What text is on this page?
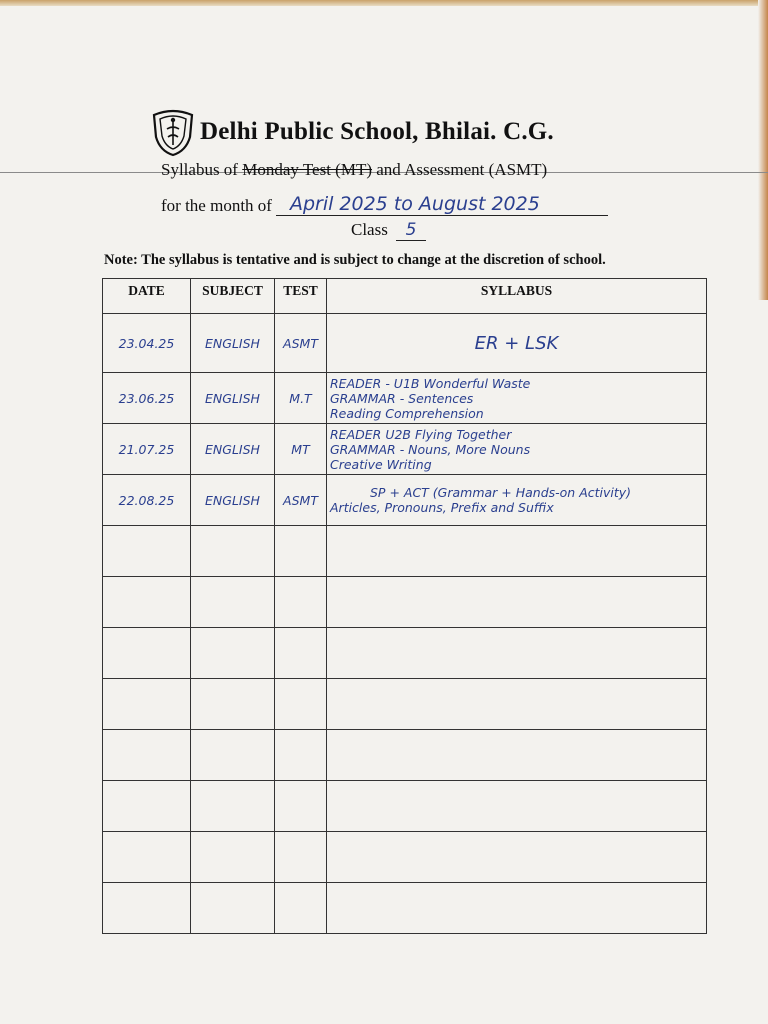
Delhi Public School, Bhilai. C.G.
Syllabus of Monday Test (MT) and Assessment (ASMT)
for the month of April 2025 to August 2025
Class 5
Note: The syllabus is tentative and is subject to change at the discretion of school.
DATE	SUBJECT	TEST	SYLLABUS
23.04.25	ENGLISH	ASMT	ER + LSK

23.06.25	ENGLISH	M.T	READER - U1B Wonderful Waste
GRAMMAR - Sentences
Reading Comprehension

21.07.25	ENGLISH	MT	READER U2B Flying Together
GRAMMAR - Nouns, More Nouns
Creative Writing

22.08.25	ENGLISH	ASMT	SP + ACT (Grammar + Hands-on Activity)
Articles, Pronouns, Prefix and Suffix
